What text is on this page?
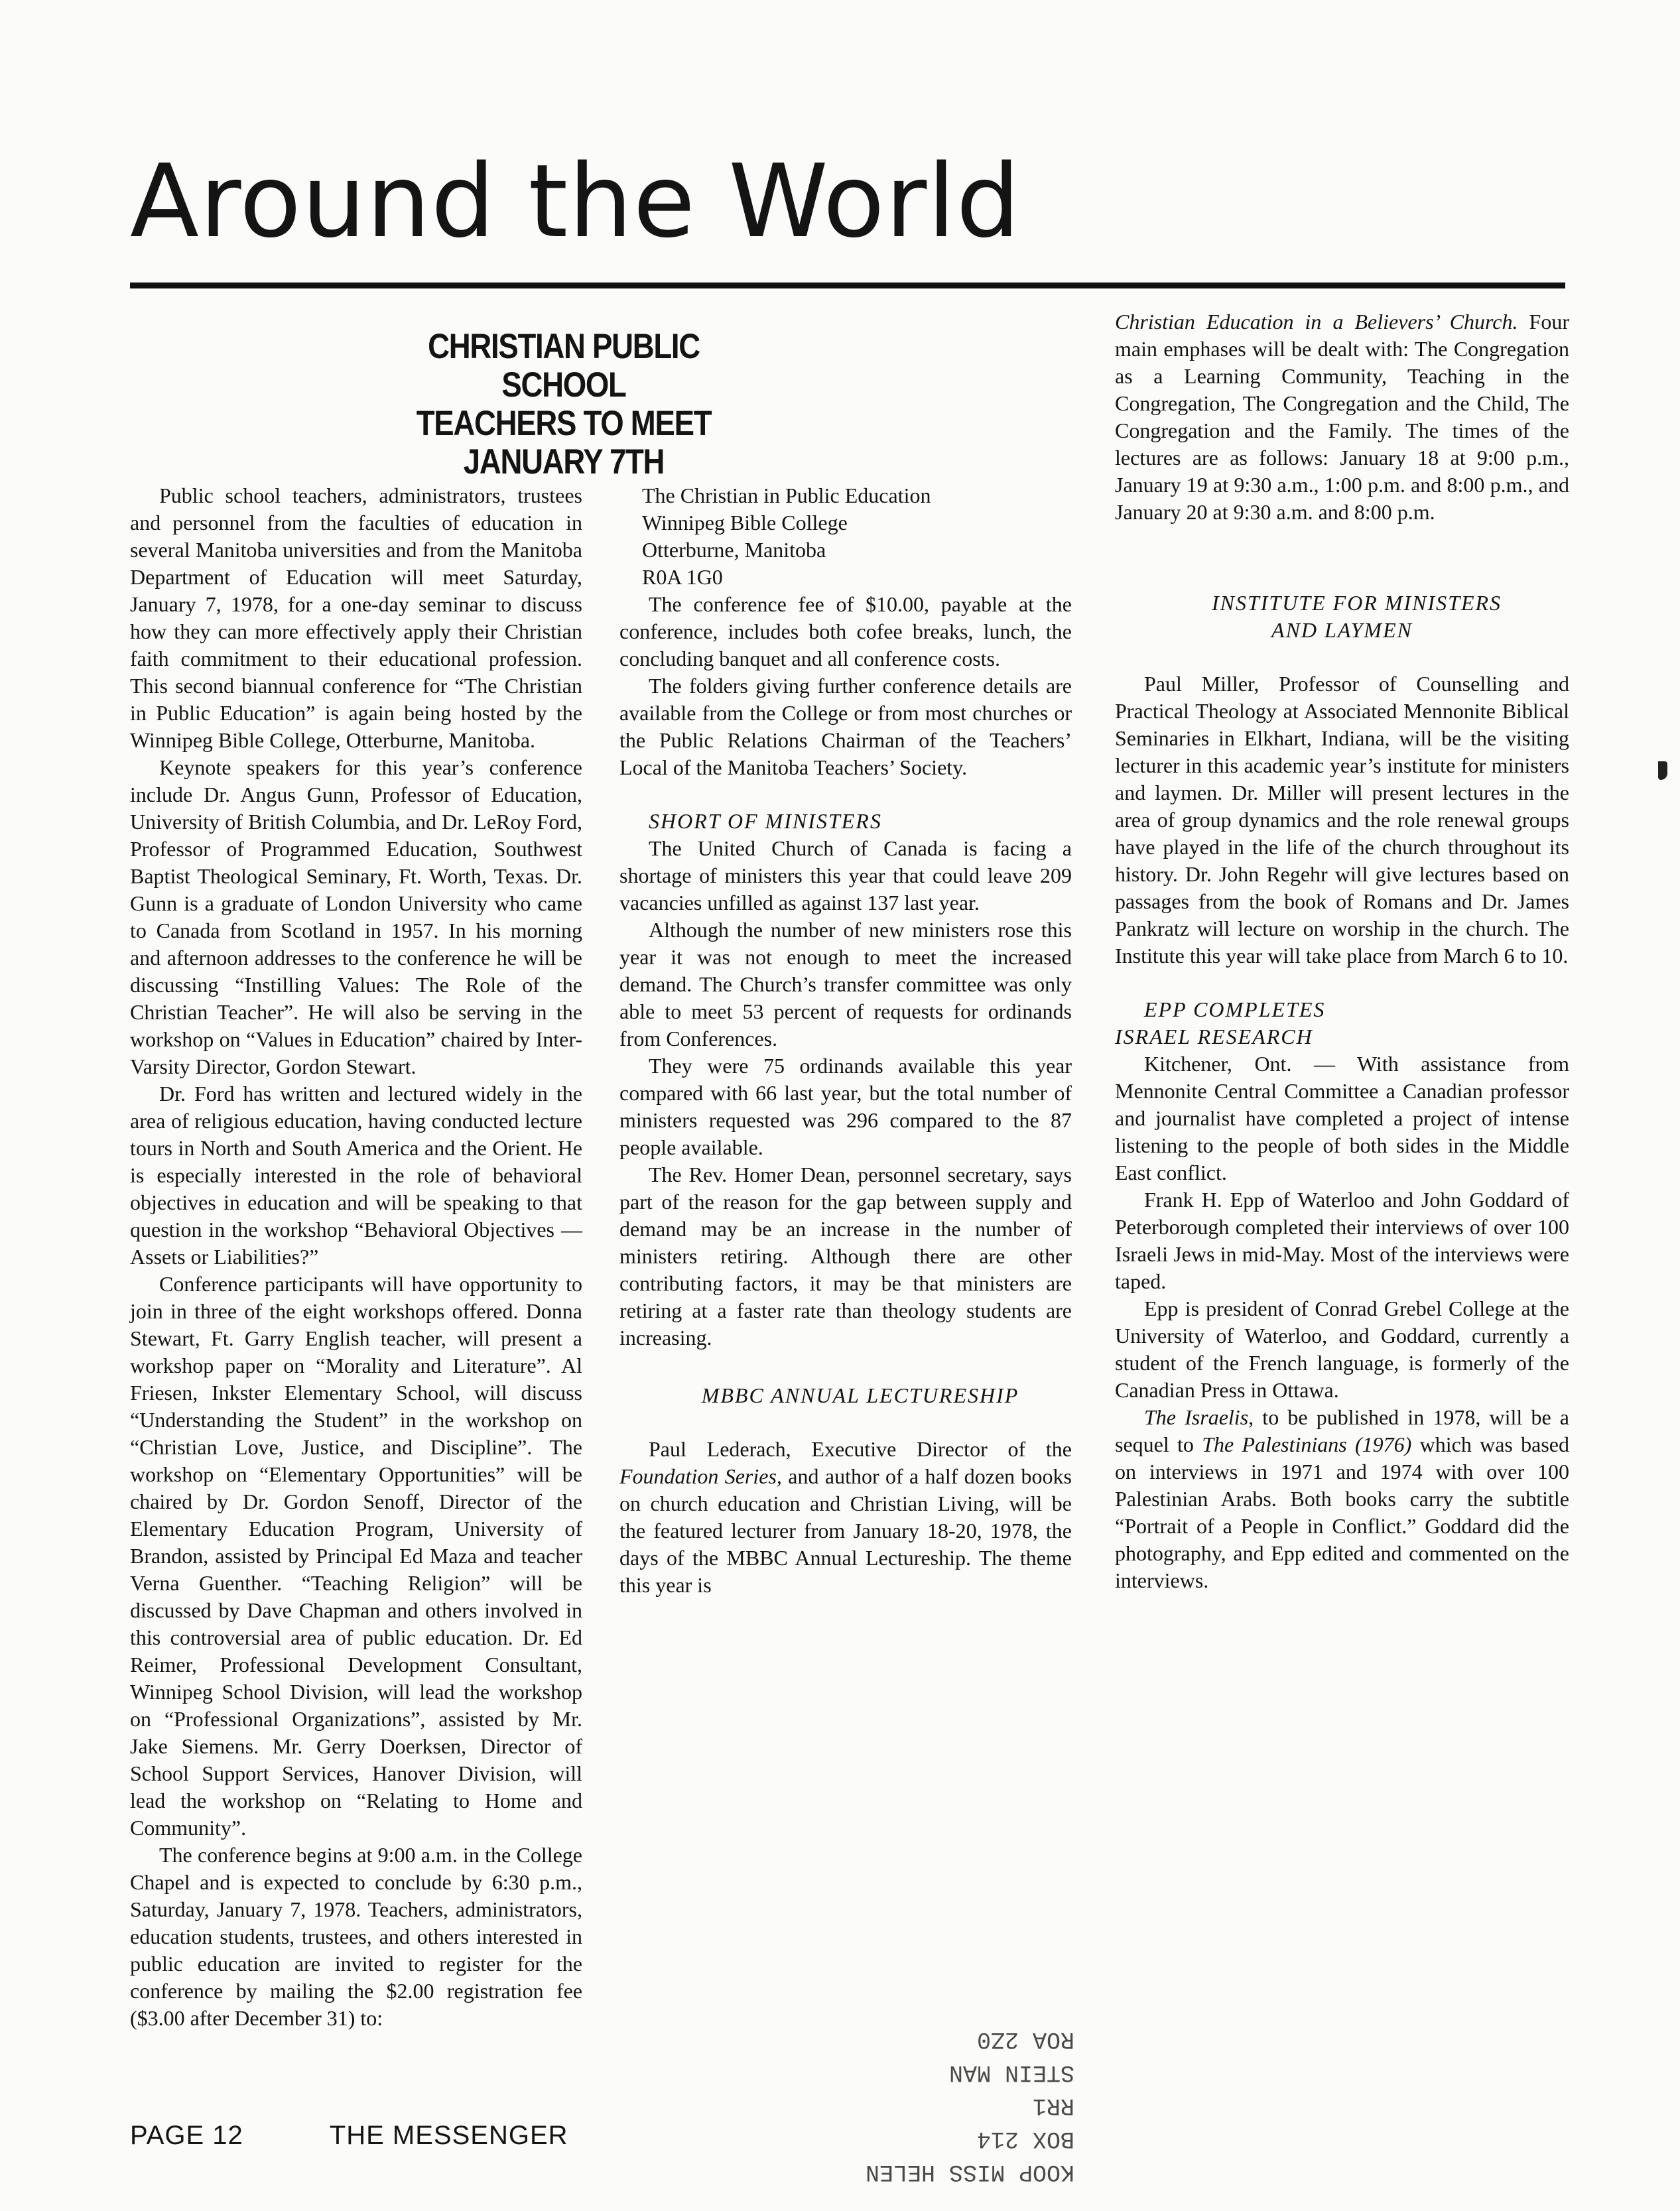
Around the World
CHRISTIAN PUBLIC SCHOOL
TEACHERS TO MEET
JANUARY 7TH

Public school teachers, administrators, trustees and personnel from the faculties of education in several Manitoba universities and from the Manitoba Department of Education will meet Saturday, January 7, 1978, for a one-day seminar to discuss how they can more effectively apply their Christian faith commitment to their educational profession. This second biannual conference for “The Christian in Public Education” is again being hosted by the Winnipeg Bible College, Otterburne, Manitoba.

Keynote speakers for this year’s conference include Dr. Angus Gunn, Professor of Education, University of British Columbia, and Dr. LeRoy Ford, Professor of Programmed Education, Southwest Baptist Theological Seminary, Ft. Worth, Texas. Dr. Gunn is a graduate of London University who came to Canada from Scotland in 1957. In his morning and afternoon addresses to the conference he will be discussing “Instilling Values: The Role of the Christian Teacher”. He will also be serving in the workshop on “Values in Education” chaired by Inter-Varsity Director, Gordon Stewart.

Dr. Ford has written and lectured widely in the area of religious education, having conducted lecture tours in North and South America and the Orient. He is especially interested in the role of behavioral objectives in education and will be speaking to that question in the workshop “Behavioral Objectives — Assets or Liabilities?”

Conference participants will have opportunity to join in three of the eight workshops offered. Donna Stewart, Ft. Garry English teacher, will present a workshop paper on “Morality and Literature”. Al Friesen, Inkster Elementary School, will discuss “Understanding the Student” in the workshop on “Christian Love, Justice, and Discipline”. The workshop on “Elementary Opportunities” will be chaired by Dr. Gordon Senoff, Director of the Elementary Education Program, University of Brandon, assisted by Principal Ed Maza and teacher Verna Guenther. “Teaching Religion” will be discussed by Dave Chapman and others involved in this controversial area of public education. Dr. Ed Reimer, Professional Development Consultant, Winnipeg School Division, will lead the workshop on “Professional Organizations”, assisted by Mr. Jake Siemens. Mr. Gerry Doerksen, Director of School Support Services, Hanover Division, will lead the workshop on “Relating to Home and Community”.

The conference begins at 9:00 a.m. in the College Chapel and is expected to conclude by 6:30 p.m., Saturday, January 7, 1978. Teachers, administrators, education students, trustees, and others interested in public education are invited to register for the conference by mailing the $2.00 registration fee ($3.00 after December 31) to:

The Christian in Public Education
Winnipeg Bible College
Otterburne, Manitoba
R0A 1G0

The conference fee of $10.00, payable at the conference, includes both cofee breaks, lunch, the concluding banquet and all conference costs.

The folders giving further conference details are available from the College or from most churches or the Public Relations Chairman of the Teachers’ Local of the Manitoba Teachers’ Society.

SHORT OF MINISTERS

The United Church of Canada is facing a shortage of ministers this year that could leave 209 vacancies unfilled as against 137 last year.

Although the number of new ministers rose this year it was not enough to meet the increased demand. The Church’s transfer committee was only able to meet 53 percent of requests for ordinands from Conferences.

They were 75 ordinands available this year compared with 66 last year, but the total number of ministers requested was 296 compared to the 87 people available.

The Rev. Homer Dean, personnel secretary, says part of the reason for the gap between supply and demand may be an increase in the number of ministers retiring. Although there are other contributing factors, it may be that ministers are retiring at a faster rate than theology students are increasing.

MBBC ANNUAL LECTURESHIP

Paul Lederach, Executive Director of the Foundation Series, and author of a half dozen books on church education and Christian Living, will be the featured lecturer from January 18-20, 1978, the days of the MBBC Annual Lectureship. The theme this year is

Christian Education in a Believers’ Church. Four main emphases will be dealt with: The Congregation as a Learning Community, Teaching in the Congregation, The Congregation and the Child, The Congregation and the Family. The times of the lectures are as follows: January 18 at 9:00 p.m., January 19 at 9:30 a.m., 1:00 p.m. and 8:00 p.m., and January 20 at 9:30 a.m. and 8:00 p.m.

INSTITUTE FOR MINISTERS
AND LAYMEN

Paul Miller, Professor of Counselling and Practical Theology at Associated Mennonite Biblical Seminaries in Elkhart, Indiana, will be the visiting lecturer in this academic year’s institute for ministers and laymen. Dr. Miller will present lectures in the area of group dynamics and the role renewal groups have played in the life of the church throughout its history. Dr. John Regehr will give lectures based on passages from the book of Romans and Dr. James Pankratz will lecture on worship in the church. The Institute this year will take place from March 6 to 10.

EPP COMPLETES
ISRAEL RESEARCH

Kitchener, Ont. — With assistance from Mennonite Central Committee a Canadian professor and journalist have completed a project of intense listening to the people of both sides in the Middle East conflict.

Frank H. Epp of Waterloo and John Goddard of Peterborough completed their interviews of over 100 Israeli Jews in mid-May. Most of the interviews were taped.

Epp is president of Conrad Grebel College at the University of Waterloo, and Goddard, currently a student of the French language, is formerly of the Canadian Press in Ottawa.

The Israelis, to be published in 1978, will be a sequel to The Palestinians (1976) which was based on interviews in 1971 and 1974 with over 100 Palestinian Arabs. Both books carry the subtitle “Portrait of a People in Conflict.” Goddard did the photography, and Epp edited and commented on the interviews.

KOOP MISS HELEN
BOX 214
RR1
STEIN MAN
ROA 2Z0
PAGE 12	THE MESSENGER
